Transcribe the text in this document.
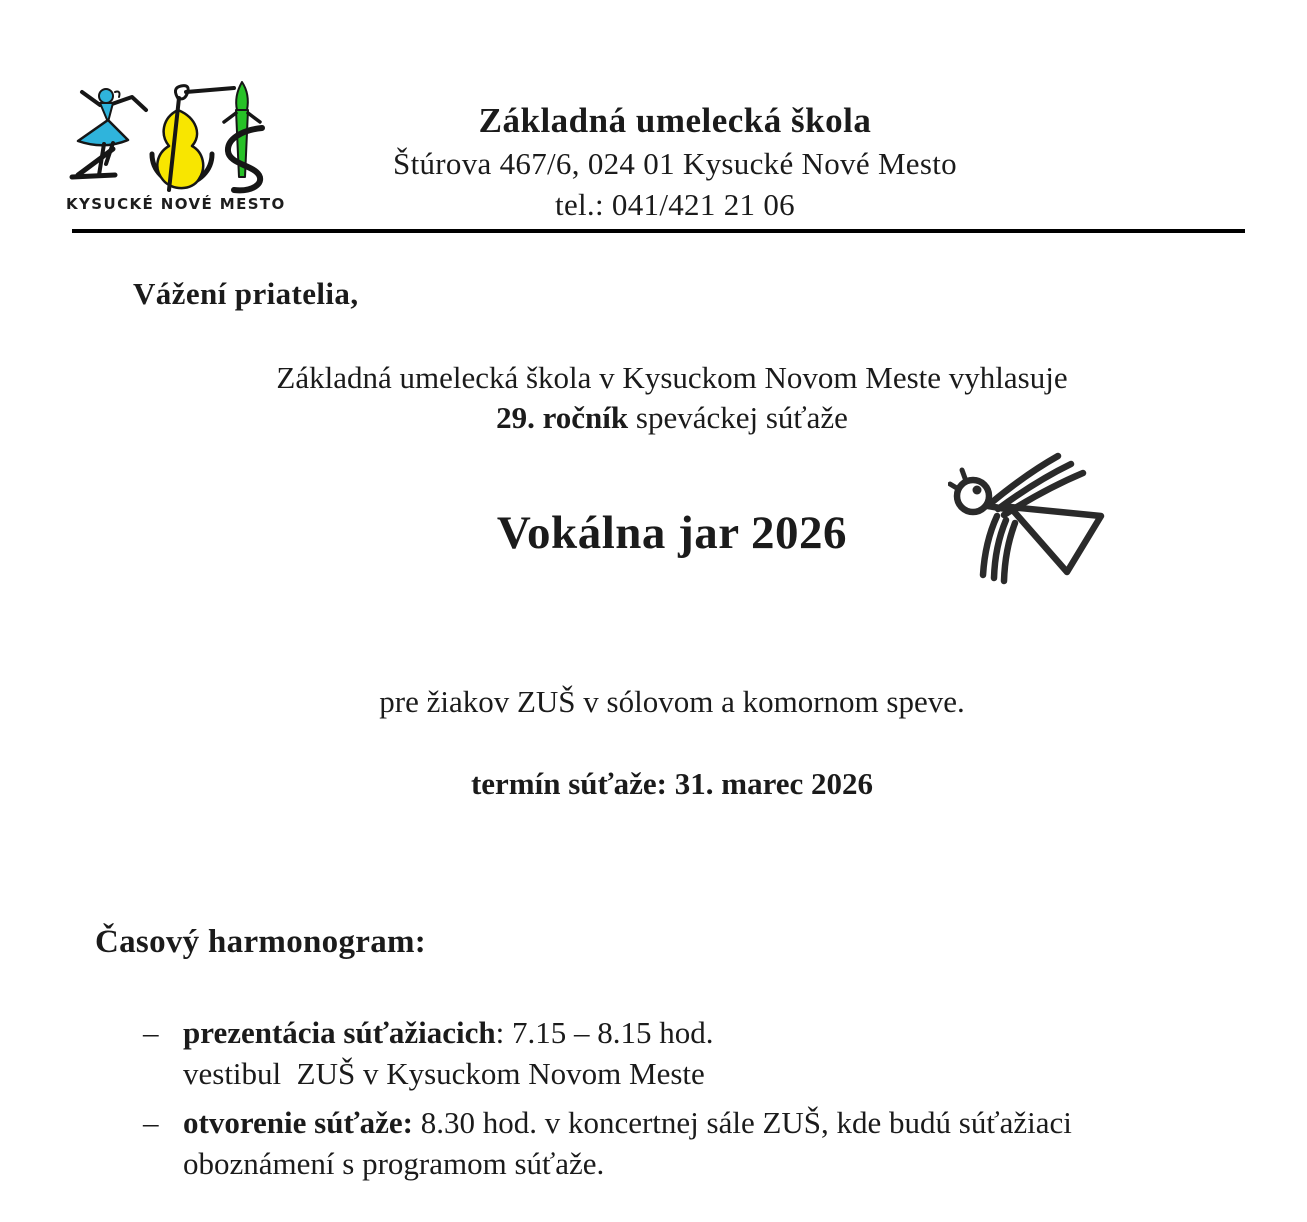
KYSUCKÉ NOVÉ MESTO
Základná umelecká škola
Štúrova 467/6, 024 01 Kysucké Nové Mesto
tel.: 041/421 21 06
Vážení priatelia,
Základná umelecká škola v Kysuckom Novom Meste vyhlasuje
29. ročník speváckej súťaže
Vokálna jar 2026
pre žiakov ZUŠ v sólovom a komornom speve.
termín súťaže: 31. marec 2026
Časový harmonogram:
– prezentácia súťažiacich: 7.15 – 8.15 hod.
vestibul  ZUŠ v Kysuckom Novom Meste
– otvorenie súťaže: 8.30 hod. v koncertnej sále ZUŠ, kde budú súťažiaci
oboznámení s programom súťaže.
